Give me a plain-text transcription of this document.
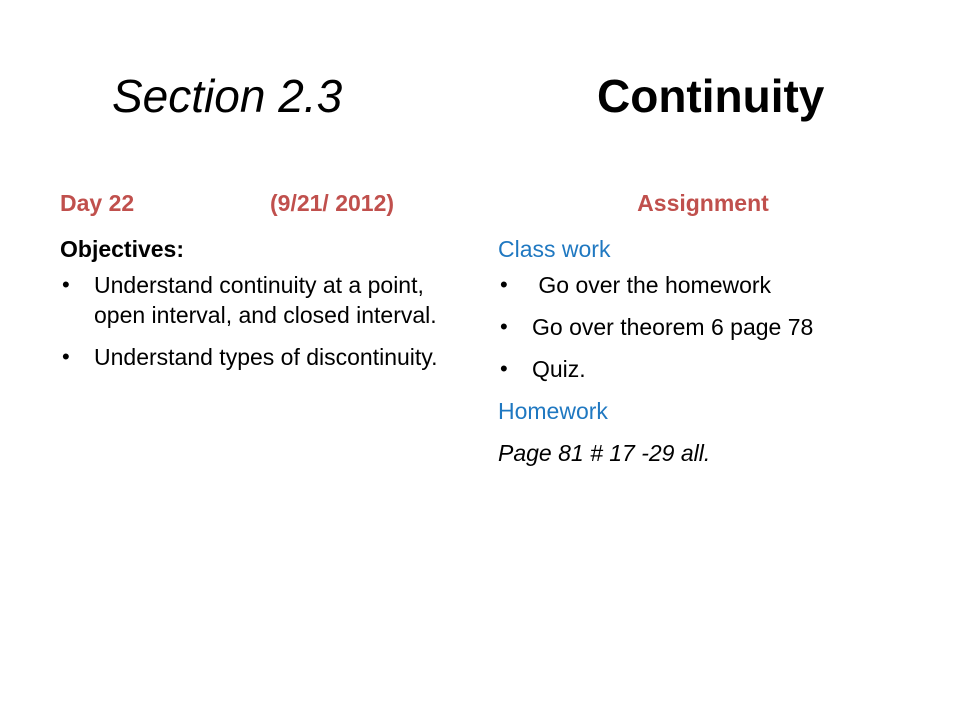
Section 2.3	Continuity
Day 22	(9/21/ 2012)
Objectives:
• Understand continuity at a point, open interval, and closed interval.
• Understand types of discontinuity.
Assignment
Class work
• Go over the homework
• Go over theorem 6 page 78
• Quiz.
Homework
Page 81 # 17 -29 all.
